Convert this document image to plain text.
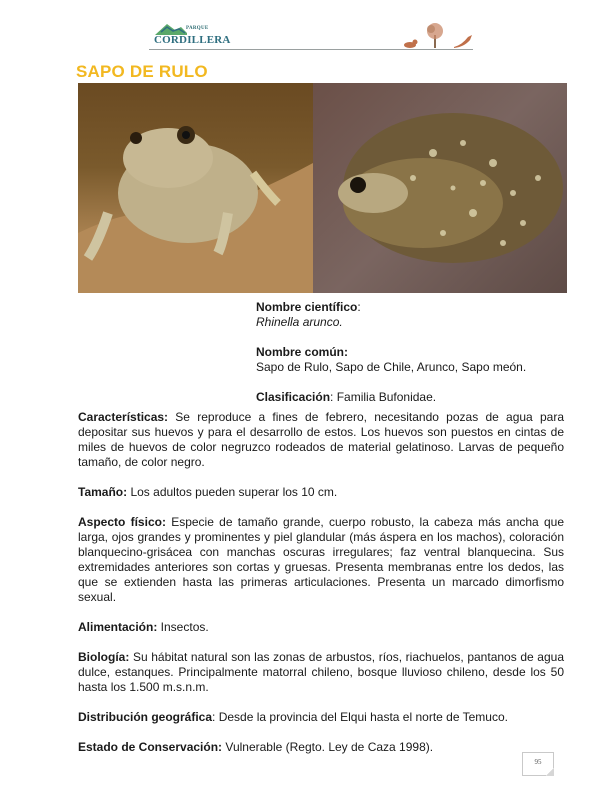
PARQUE
CORDILLERA
SAPO DE RULO
Nombre científico:
Rhinella arunco.
Nombre común:
Sapo de Rulo, Sapo de Chile, Arunco, Sapo meón.
Clasificación: Familia Bufonidae.

Características: Se reproduce a fines de febrero, necesitando pozas de agua para depositar sus huevos y para el desarrollo de estos. Los huevos son puestos en cintas de miles de huevos de color negruzco rodeados de material gelatinoso. Larvas de pequeño tamaño, de color negro.

Tamaño: Los adultos pueden superar los 10 cm.

Aspecto físico: Especie de tamaño grande, cuerpo robusto, la cabeza más ancha que larga, ojos grandes y prominentes y piel glandular (más áspera en los machos), coloración blanquecino-grisácea con manchas oscuras irregulares; faz ventral blanquecina. Sus extremidades anteriores son cortas y gruesas. Presenta membranas entre los dedos, las que se extienden hasta las primeras articulaciones. Presenta un marcado dimorfismo sexual.

Alimentación: Insectos.

Biología: Su hábitat natural son las zonas de arbustos, ríos, riachuelos, pantanos de agua dulce, estanques. Principalmente matorral chileno, bosque lluvioso chileno, desde los 50 hasta los 1.500 m.s.n.m.

Distribución geográfica: Desde la provincia del Elqui hasta el norte de Temuco.

Estado de Conservación: Vulnerable (Regto. Ley de Caza 1998).

95
